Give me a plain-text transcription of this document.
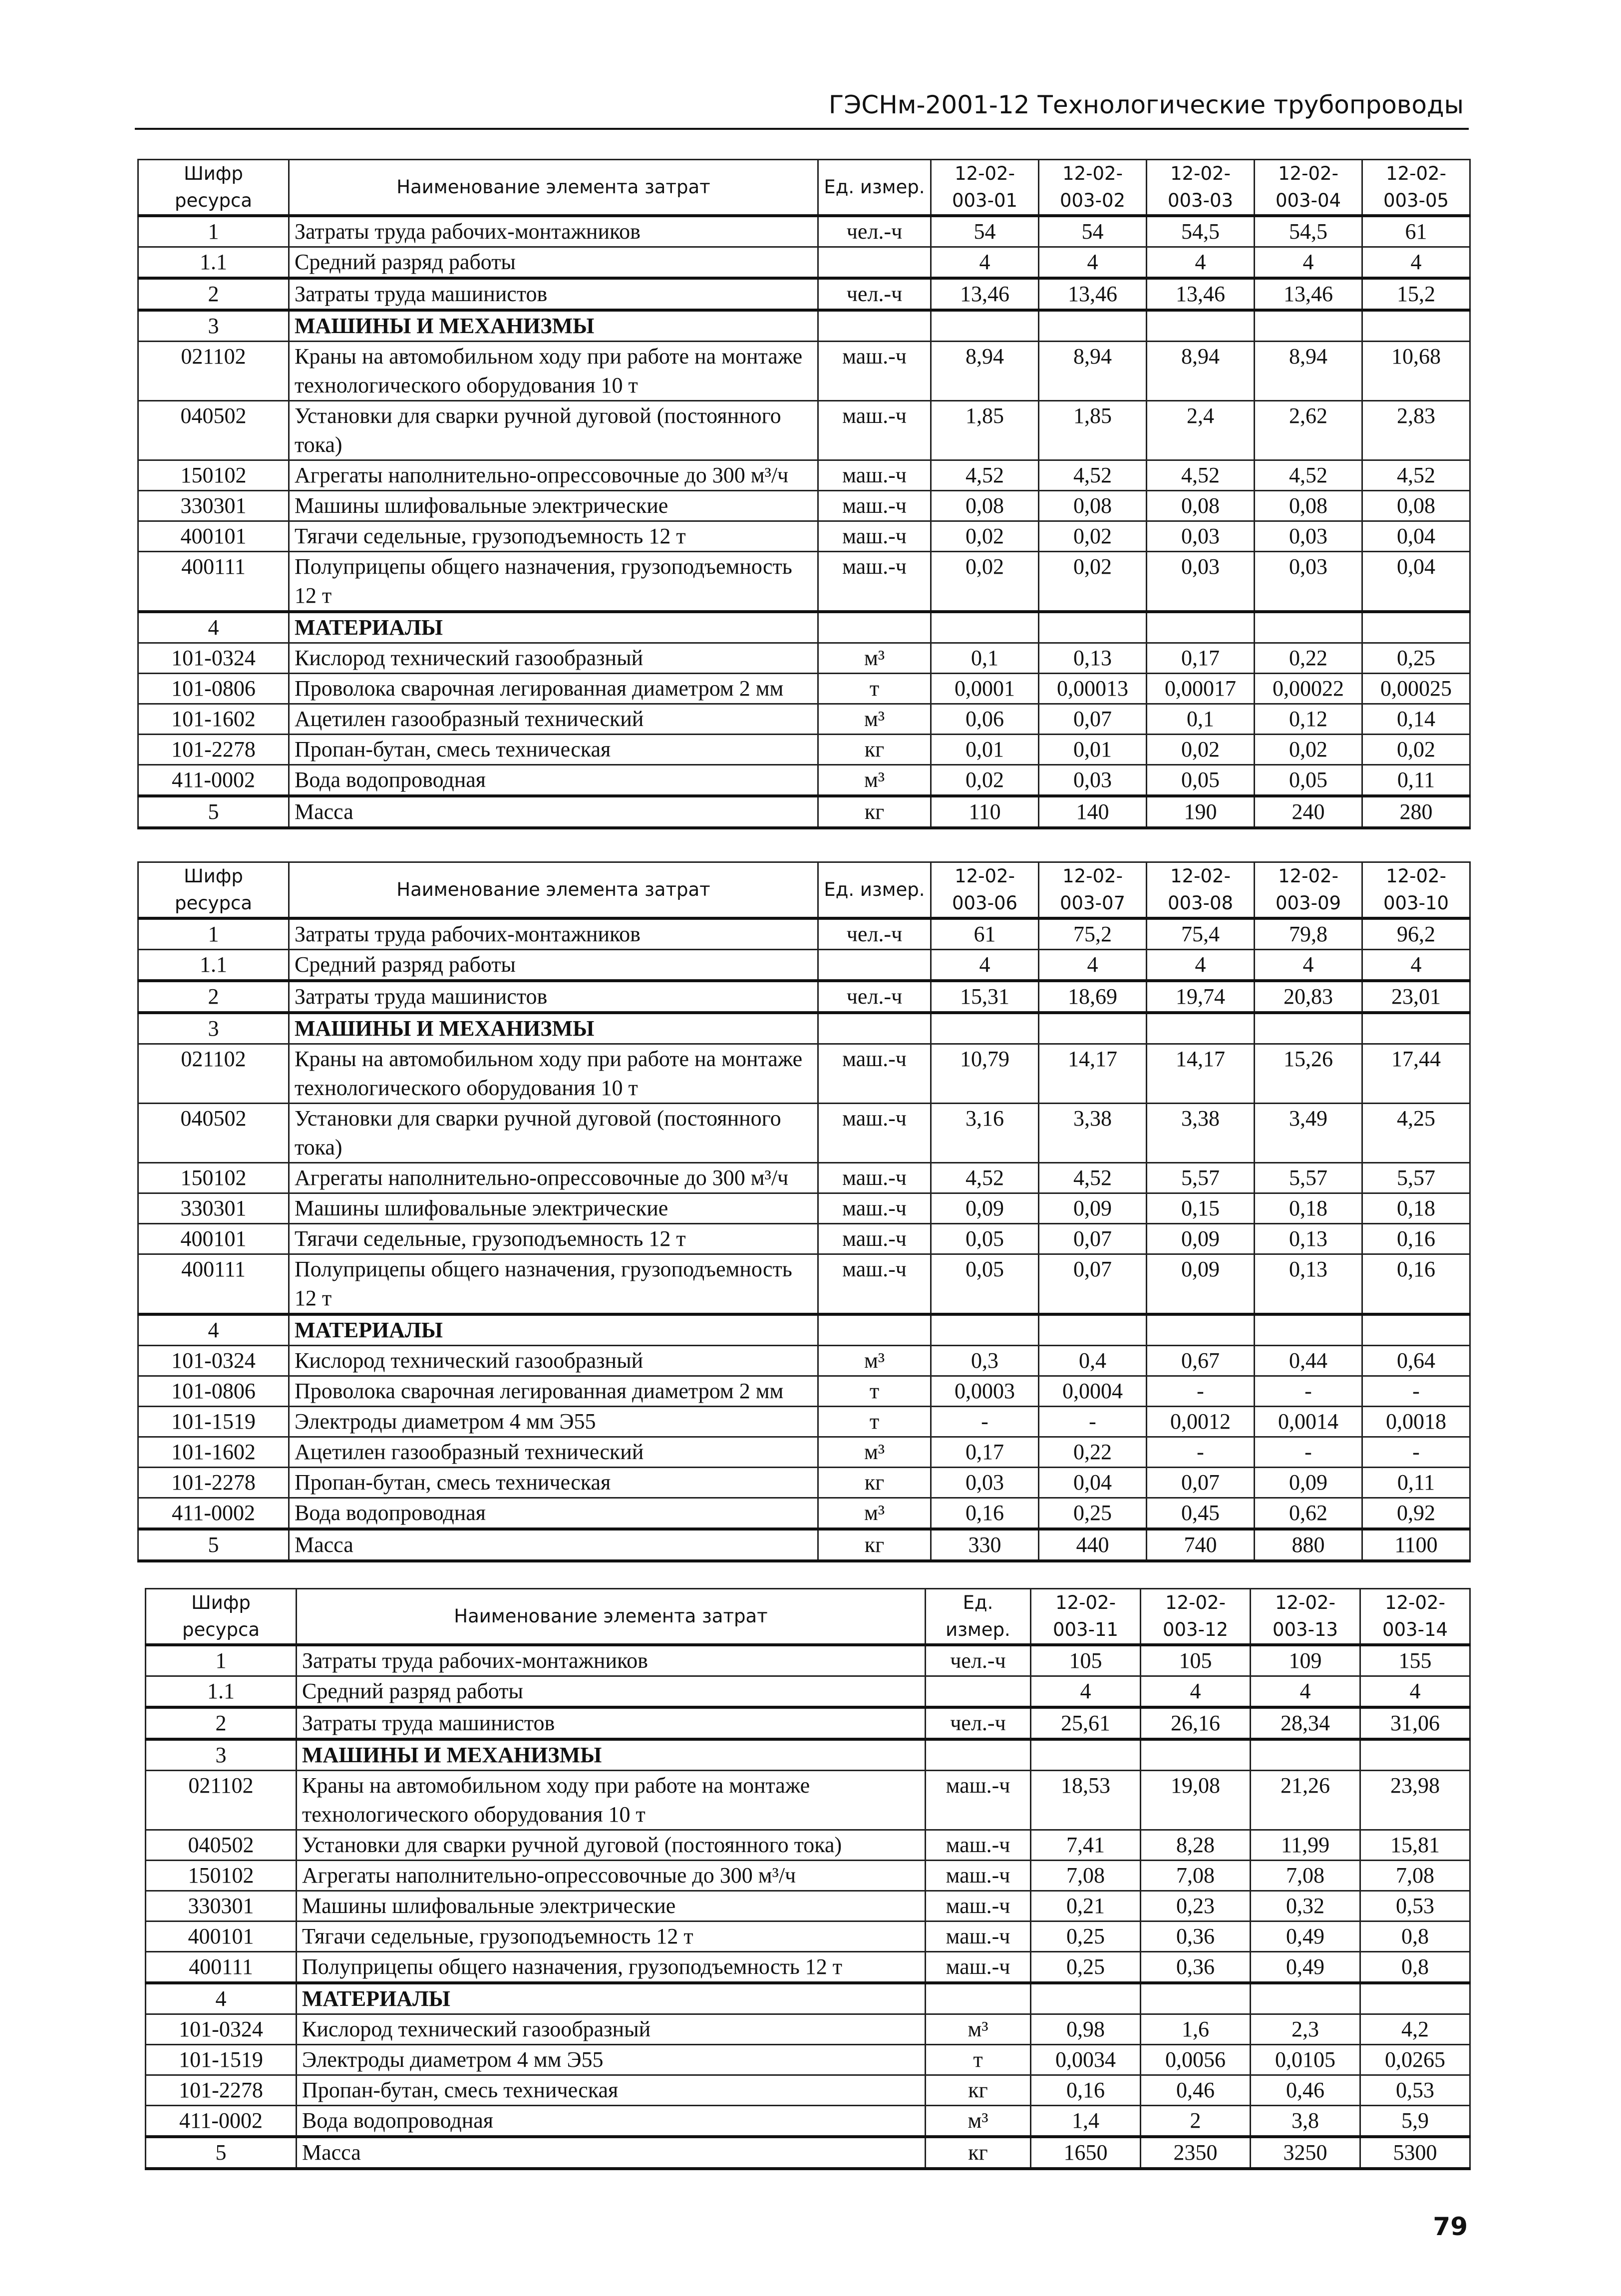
ГЭСНм-2001-12 Технологические трубопроводы
Шифр ресурса	Наименование элемента затрат	Ед. измер.	12-02-003-01	12-02-003-02	12-02-003-03	12-02-003-04	12-02-003-05
1	Затраты труда рабочих-монтажников	чел.-ч	54	54	54,5	54,5	61
1.1	Средний разряд работы		4	4	4	4	4
2	Затраты труда машинистов	чел.-ч	13,46	13,46	13,46	13,46	15,2
3	МАШИНЫ И МЕХАНИЗМЫ						
021102	Краны на автомобильном ходу при работе на монтаже технологического оборудования 10 т	маш.-ч	8,94	8,94	8,94	8,94	10,68
040502	Установки для сварки ручной дуговой (постоянного тока)	маш.-ч	1,85	1,85	2,4	2,62	2,83
150102	Агрегаты наполнительно-опрессовочные до 300 м³/ч	маш.-ч	4,52	4,52	4,52	4,52	4,52
330301	Машины шлифовальные электрические	маш.-ч	0,08	0,08	0,08	0,08	0,08
400101	Тягачи седельные, грузоподъемность 12 т	маш.-ч	0,02	0,02	0,03	0,03	0,04
400111	Полуприцепы общего назначения, грузоподъемность 12 т	маш.-ч	0,02	0,02	0,03	0,03	0,04
4	МАТЕРИАЛЫ						
101-0324	Кислород технический газообразный	м³	0,1	0,13	0,17	0,22	0,25
101-0806	Проволока сварочная легированная диаметром 2 мм	т	0,0001	0,00013	0,00017	0,00022	0,00025
101-1602	Ацетилен газообразный технический	м³	0,06	0,07	0,1	0,12	0,14
101-2278	Пропан-бутан, смесь техническая	кг	0,01	0,01	0,02	0,02	0,02
411-0002	Вода водопроводная	м³	0,02	0,03	0,05	0,05	0,11
5	Масса	кг	110	140	190	240	280
Шифр ресурса	Наименование элемента затрат	Ед. измер.	12-02-003-06	12-02-003-07	12-02-003-08	12-02-003-09	12-02-003-10
1	Затраты труда рабочих-монтажников	чел.-ч	61	75,2	75,4	79,8	96,2
1.1	Средний разряд работы		4	4	4	4	4
2	Затраты труда машинистов	чел.-ч	15,31	18,69	19,74	20,83	23,01
3	МАШИНЫ И МЕХАНИЗМЫ						
021102	Краны на автомобильном ходу при работе на монтаже технологического оборудования 10 т	маш.-ч	10,79	14,17	14,17	15,26	17,44
040502	Установки для сварки ручной дуговой (постоянного тока)	маш.-ч	3,16	3,38	3,38	3,49	4,25
150102	Агрегаты наполнительно-опрессовочные до 300 м³/ч	маш.-ч	4,52	4,52	5,57	5,57	5,57
330301	Машины шлифовальные электрические	маш.-ч	0,09	0,09	0,15	0,18	0,18
400101	Тягачи седельные, грузоподъемность 12 т	маш.-ч	0,05	0,07	0,09	0,13	0,16
400111	Полуприцепы общего назначения, грузоподъемность 12 т	маш.-ч	0,05	0,07	0,09	0,13	0,16
4	МАТЕРИАЛЫ						
101-0324	Кислород технический газообразный	м³	0,3	0,4	0,67	0,44	0,64
101-0806	Проволока сварочная легированная диаметром 2 мм	т	0,0003	0,0004	-	-	-
101-1519	Электроды диаметром 4 мм Э55	т	-	-	0,0012	0,0014	0,0018
101-1602	Ацетилен газообразный технический	м³	0,17	0,22	-	-	-
101-2278	Пропан-бутан, смесь техническая	кг	0,03	0,04	0,07	0,09	0,11
411-0002	Вода водопроводная	м³	0,16	0,25	0,45	0,62	0,92
5	Масса	кг	330	440	740	880	1100
Шифр ресурса	Наименование элемента затрат	Ед. измер.	12-02-003-11	12-02-003-12	12-02-003-13	12-02-003-14
1	Затраты труда рабочих-монтажников	чел.-ч	105	105	109	155
1.1	Средний разряд работы		4	4	4	4
2	Затраты труда машинистов	чел.-ч	25,61	26,16	28,34	31,06
3	МАШИНЫ И МЕХАНИЗМЫ					
021102	Краны на автомобильном ходу при работе на монтаже технологического оборудования 10 т	маш.-ч	18,53	19,08	21,26	23,98
040502	Установки для сварки ручной дуговой (постоянного тока)	маш.-ч	7,41	8,28	11,99	15,81
150102	Агрегаты наполнительно-опрессовочные до 300 м³/ч	маш.-ч	7,08	7,08	7,08	7,08
330301	Машины шлифовальные электрические	маш.-ч	0,21	0,23	0,32	0,53
400101	Тягачи седельные, грузоподъемность 12 т	маш.-ч	0,25	0,36	0,49	0,8
400111	Полуприцепы общего назначения, грузоподъемность 12 т	маш.-ч	0,25	0,36	0,49	0,8
4	МАТЕРИАЛЫ					
101-0324	Кислород технический газообразный	м³	0,98	1,6	2,3	4,2
101-1519	Электроды диаметром 4 мм Э55	т	0,0034	0,0056	0,0105	0,0265
101-2278	Пропан-бутан, смесь техническая	кг	0,16	0,46	0,46	0,53
411-0002	Вода водопроводная	м³	1,4	2	3,8	5,9
5	Масса	кг	1650	2350	3250	5300
79
